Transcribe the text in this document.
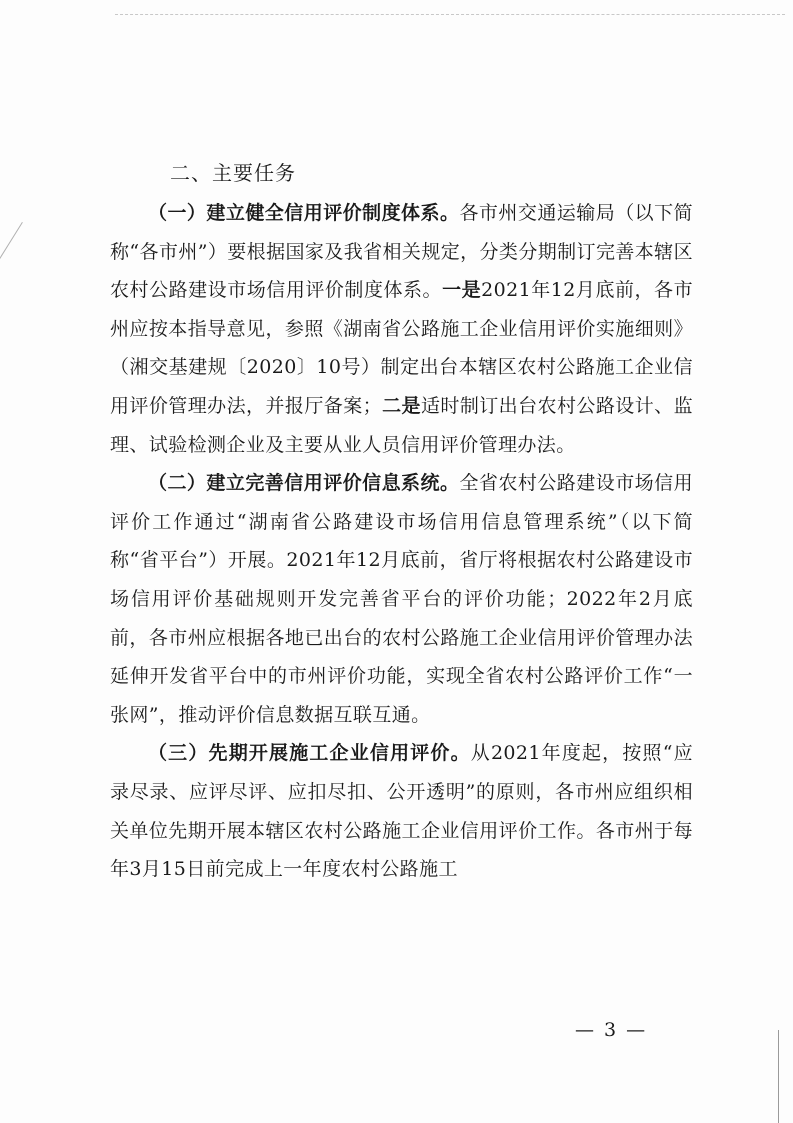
二、主要任务

（一）建立健全信用评价制度体系。各市州交通运输局（以下简称“各市州”）要根据国家及我省相关规定，分类分期制订完善本辖区农村公路建设市场信用评价制度体系。一是2021年12月底前，各市州应按本指导意见，参照《湖南省公路施工企业信用评价实施细则》（湘交基建规〔2020〕10号）制定出台本辖区农村公路施工企业信用评价管理办法，并报厅备案；二是适时制订出台农村公路设计、监理、试验检测企业及主要从业人员信用评价管理办法。

（二）建立完善信用评价信息系统。全省农村公路建设市场信用评价工作通过“湖南省公路建设市场信用信息管理系统”（以下简称“省平台”）开展。2021年12月底前，省厅将根据农村公路建设市场信用评价基础规则开发完善省平台的评价功能；2022年2月底前，各市州应根据各地已出台的农村公路施工企业信用评价管理办法延伸开发省平台中的市州评价功能，实现全省农村公路评价工作“一张网”，推动评价信息数据互联互通。

（三）先期开展施工企业信用评价。从2021年度起，按照“应录尽录、应评尽评、应扣尽扣、公开透明”的原则，各市州应组织相关单位先期开展本辖区农村公路施工企业信用评价工作。各市州于每年3月15日前完成上一年度农村公路施工

— 3 —
